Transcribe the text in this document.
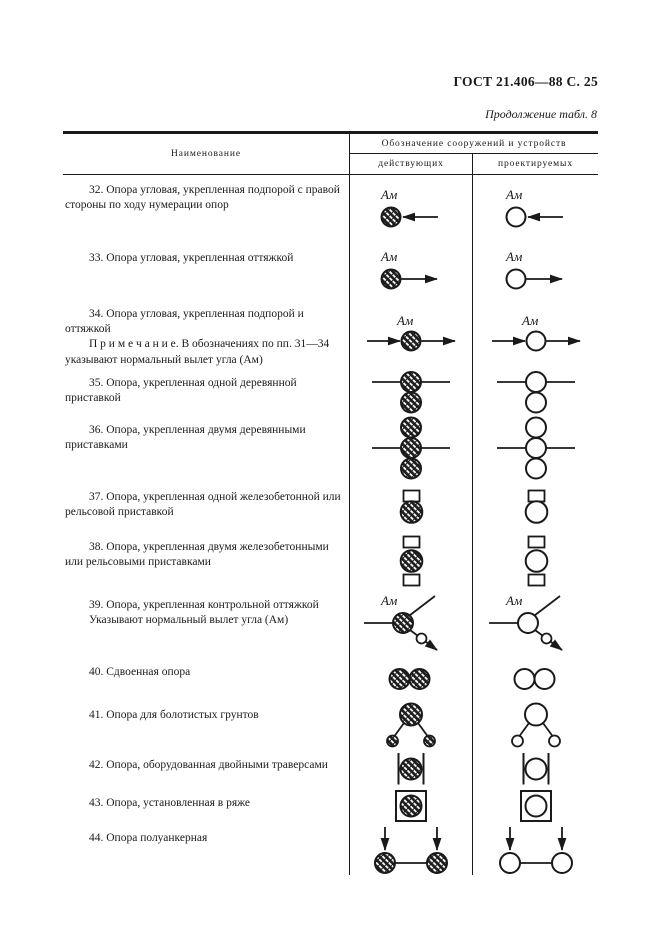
ГОСТ 21.406—88 С. 25
Продолжение табл. 8
Наименование
Обозначение сооружений и устройств
действующих	проектируемых

32. Опора угловая, укрепленная подпорой с правой стороны по ходу нумерации опор

Ам	Ам

33. Опора угловая, укрепленная оттяжкой	Ам	Ам

34. Опора угловая, укрепленная подпорой и оттяжкой

П р и м е ч а н и е. В обозначениях по пп. 31—34 указывают нормальный вылет угла (Ам)

Ам	Ам

35. Опора, укрепленная одной деревянной приставкой

36. Опора, укрепленная двумя деревянными приставками

37. Опора, укрепленная одной железобетонной или рельсовой приставкой

38. Опора, укрепленная двумя железобетонными или рельсовыми приставками

39. Опора, укрепленная контрольной оттяжкой

Указывают нормальный вылет угла (Ам)

Ам	Ам

40. Сдвоенная опора

41. Опора для болотистых грунтов

42. Опора, оборудованная двойными траверсами

43. Опора, установленная в ряже

44. Опора полуанкерная
